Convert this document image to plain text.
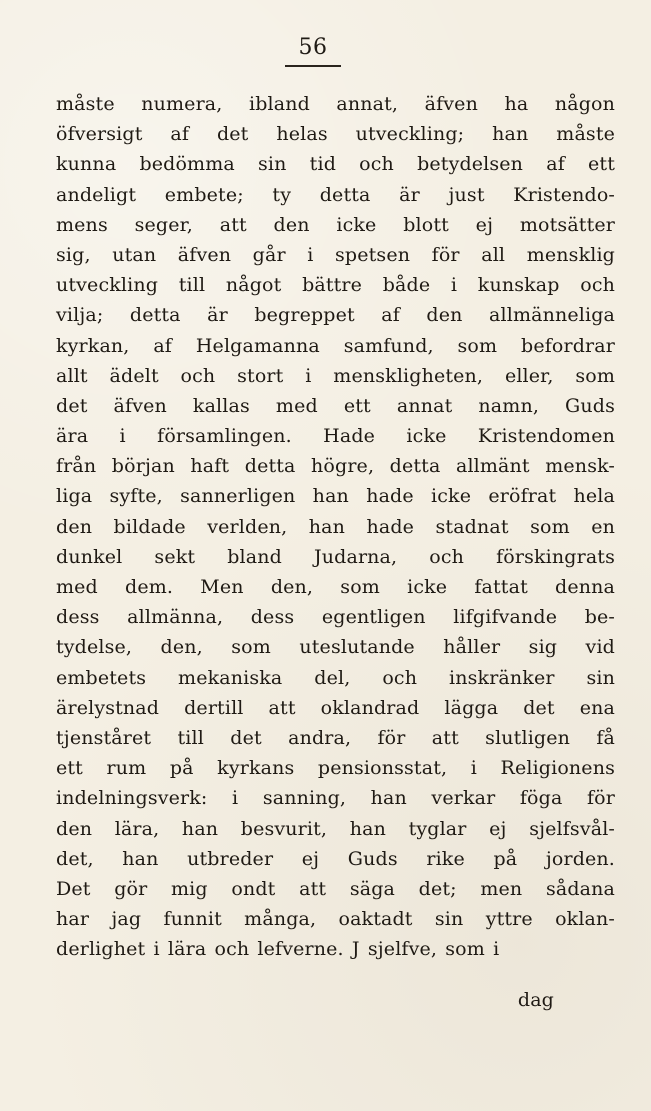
56
måste numera, ibland annat, äfven ha någon
öfversigt af det helas utveckling; han måste
kunna bedömma sin tid och betydelsen af ett
andeligt embete; ty detta är just Kristendo-
mens seger, att den icke blott ej motsätter
sig, utan äfven går i spetsen för all mensklig
utveckling till något bättre både i kunskap och
vilja; detta är begreppet af den allmänneliga
kyrkan, af Helgamanna samfund, som befordrar
allt ädelt och stort i menskligheten, eller, som
det äfven kallas med ett annat namn, Guds
ära i församlingen. Hade icke Kristendomen
från början haft detta högre, detta allmänt mensk-
liga syfte, sannerligen han hade icke eröfrat hela
den bildade verlden, han hade stadnat som en
dunkel sekt bland Judarna, och förskingrats
med dem. Men den, som icke fattat denna
dess allmänna, dess egentligen lifgifvande be-
tydelse, den, som uteslutande håller sig vid
embetets mekaniska del, och inskränker sin
ärelystnad dertill att oklandrad lägga det ena
tjenståret till det andra, för att slutligen få
ett rum på kyrkans pensionsstat, i Religionens
indelningsverk: i sanning, han verkar föga för
den lära, han besvurit, han tyglar ej sjelfsvål-
det, han utbreder ej Guds rike på jorden.
Det gör mig ondt att säga det; men sådana
har jag funnit många, oaktadt sin yttre oklan-
derlighet i lära och lefverne. J sjelfve, som i
dag
